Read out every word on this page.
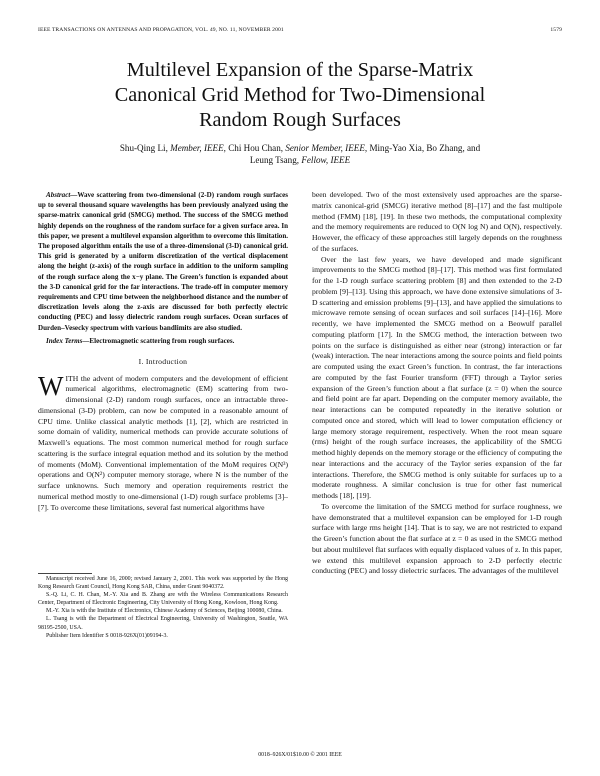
IEEE TRANSACTIONS ON ANTENNAS AND PROPAGATION, VOL. 49, NO. 11, NOVEMBER 2001	1579
Multilevel Expansion of the Sparse-Matrix
Canonical Grid Method for Two-Dimensional
Random Rough Surfaces
Shu-Qing Li, Member, IEEE, Chi Hou Chan, Senior Member, IEEE, Ming-Yao Xia, Bo Zhang, and
Leung Tsang, Fellow, IEEE

Abstract—Wave scattering from two-dimensional (2-D) random rough surfaces up to several thousand square wavelengths has been previously analyzed using the sparse-matrix canonical grid (SMCG) method. The success of the SMCG method highly depends on the roughness of the random surface for a given surface area. In this paper, we present a multilevel expansion algorithm to overcome this limitation. The proposed algorithm entails the use of a three-dimensional (3-D) canonical grid. This grid is generated by a uniform discretization of the vertical displacement along the height (z-axis) of the rough surface in addition to the uniform sampling of the rough surface along the x−y plane. The Green’s function is expanded about the 3-D canonical grid for the far interactions. The trade-off in computer memory requirements and CPU time between the neighborhood distance and the number of discretization levels along the z-axis are discussed for both perfectly electric conducting (PEC) and lossy dielectric random rough surfaces. Ocean surfaces of Durden–Vesecky spectrum with various bandlimits are also studied.

Index Terms—Electromagnetic scattering from rough surfaces.

I. Introduction

WITH the advent of modern computers and the development of efficient numerical algorithms, electromagnetic (EM) scattering from two-dimensional (2-D) random rough surfaces, once an intractable three-dimensional (3-D) problem, can now be computed in a reasonable amount of CPU time. Unlike classical analytic methods [1], [2], which are restricted in some domain of validity, numerical methods can provide accurate solutions of Maxwell’s equations. The most common numerical method for rough surface scattering is the surface integral equation method and its solution by the method of moments (MoM). Conventional implementation of the MoM requires O(N³) operations and O(N²) computer memory storage, where N is the number of the surface unknowns. Such memory and operation requirements restrict the numerical method mostly to one-dimensional (1-D) rough surface problems [3]–[7]. To overcome these limitations, several fast numerical algorithms have

Manuscript received June 16, 2000; revised January 2, 2001. This work was supported by the Hong Kong Research Grant Council, Hong Kong SAR, China, under Grant 9040372.

S.-Q. Li, C. H. Chan, M.-Y. Xia and B. Zhang are with the Wireless Communications Research Center, Department of Electronic Engineering, City University of Hong Kong, Kowloon, Hong Kong.

M.-Y. Xia is with the Institute of Electronics, Chinese Academy of Sciences, Beijing 100080, China.

L. Tsang is with the Department of Electrical Engineering, University of Washington, Seattle, WA 98195-2500, USA.

Publisher Item Identifier S 0018-926X(01)09194-3.

been developed. Two of the most extensively used approaches are the sparse-matrix canonical-grid (SMCG) iterative method [8]–[17] and the fast multipole method (FMM) [18], [19]. In these two methods, the computational complexity and the memory requirements are reduced to O(N log N) and O(N), respectively. However, the efficacy of these approaches still largely depends on the roughness of the surfaces.

Over the last few years, we have developed and made significant improvements to the SMCG method [8]–[17]. This method was first formulated for the 1-D rough surface scattering problem [8] and then extended to the 2-D problem [9]–[13]. Using this approach, we have done extensive simulations of 3-D scattering and emission problems [9]–[13], and have applied the simulations to microwave remote sensing of ocean surfaces and soil surfaces [14]–[16]. More recently, we have implemented the SMCG method on a Beowulf parallel computing platform [17]. In the SMCG method, the interaction between two points on the surface is distinguished as either near (strong) interaction or far (weak) interaction. The near interactions among the source points and field points are computed using the exact Green’s function. In contrast, the far interactions are computed by the fast Fourier transform (FFT) through a Taylor series expansion of the Green’s function about a flat surface (z = 0) when the source and field point are far apart. Depending on the computer memory available, the near interactions can be computed repeatedly in the iterative solution or computed once and stored, which will lead to lower computation efficiency or large memory storage requirement, respectively. When the root mean square (rms) height of the rough surface increases, the applicability of the SMCG method highly depends on the memory storage or the efficiency of computing the near interactions and the accuracy of the Taylor series expansion of the far interactions. Therefore, the SMCG method is only suitable for surfaces up to a moderate roughness. A similar conclusion is true for other fast numerical methods [18], [19].

To overcome the limitation of the SMCG method for surface roughness, we have demonstrated that a multilevel expansion can be employed for 1-D rough surface with large rms height [14]. That is to say, we are not restricted to expand the Green’s function about the flat surface at z = 0 as used in the SMCG method but about multilevel flat surfaces with equally displaced values of z. In this paper, we extend this multilevel expansion approach to 2-D perfectly electric conducting (PEC) and lossy dielectric surfaces. The advantages of the multilevel

0018–926X/01$10.00 © 2001 IEEE
